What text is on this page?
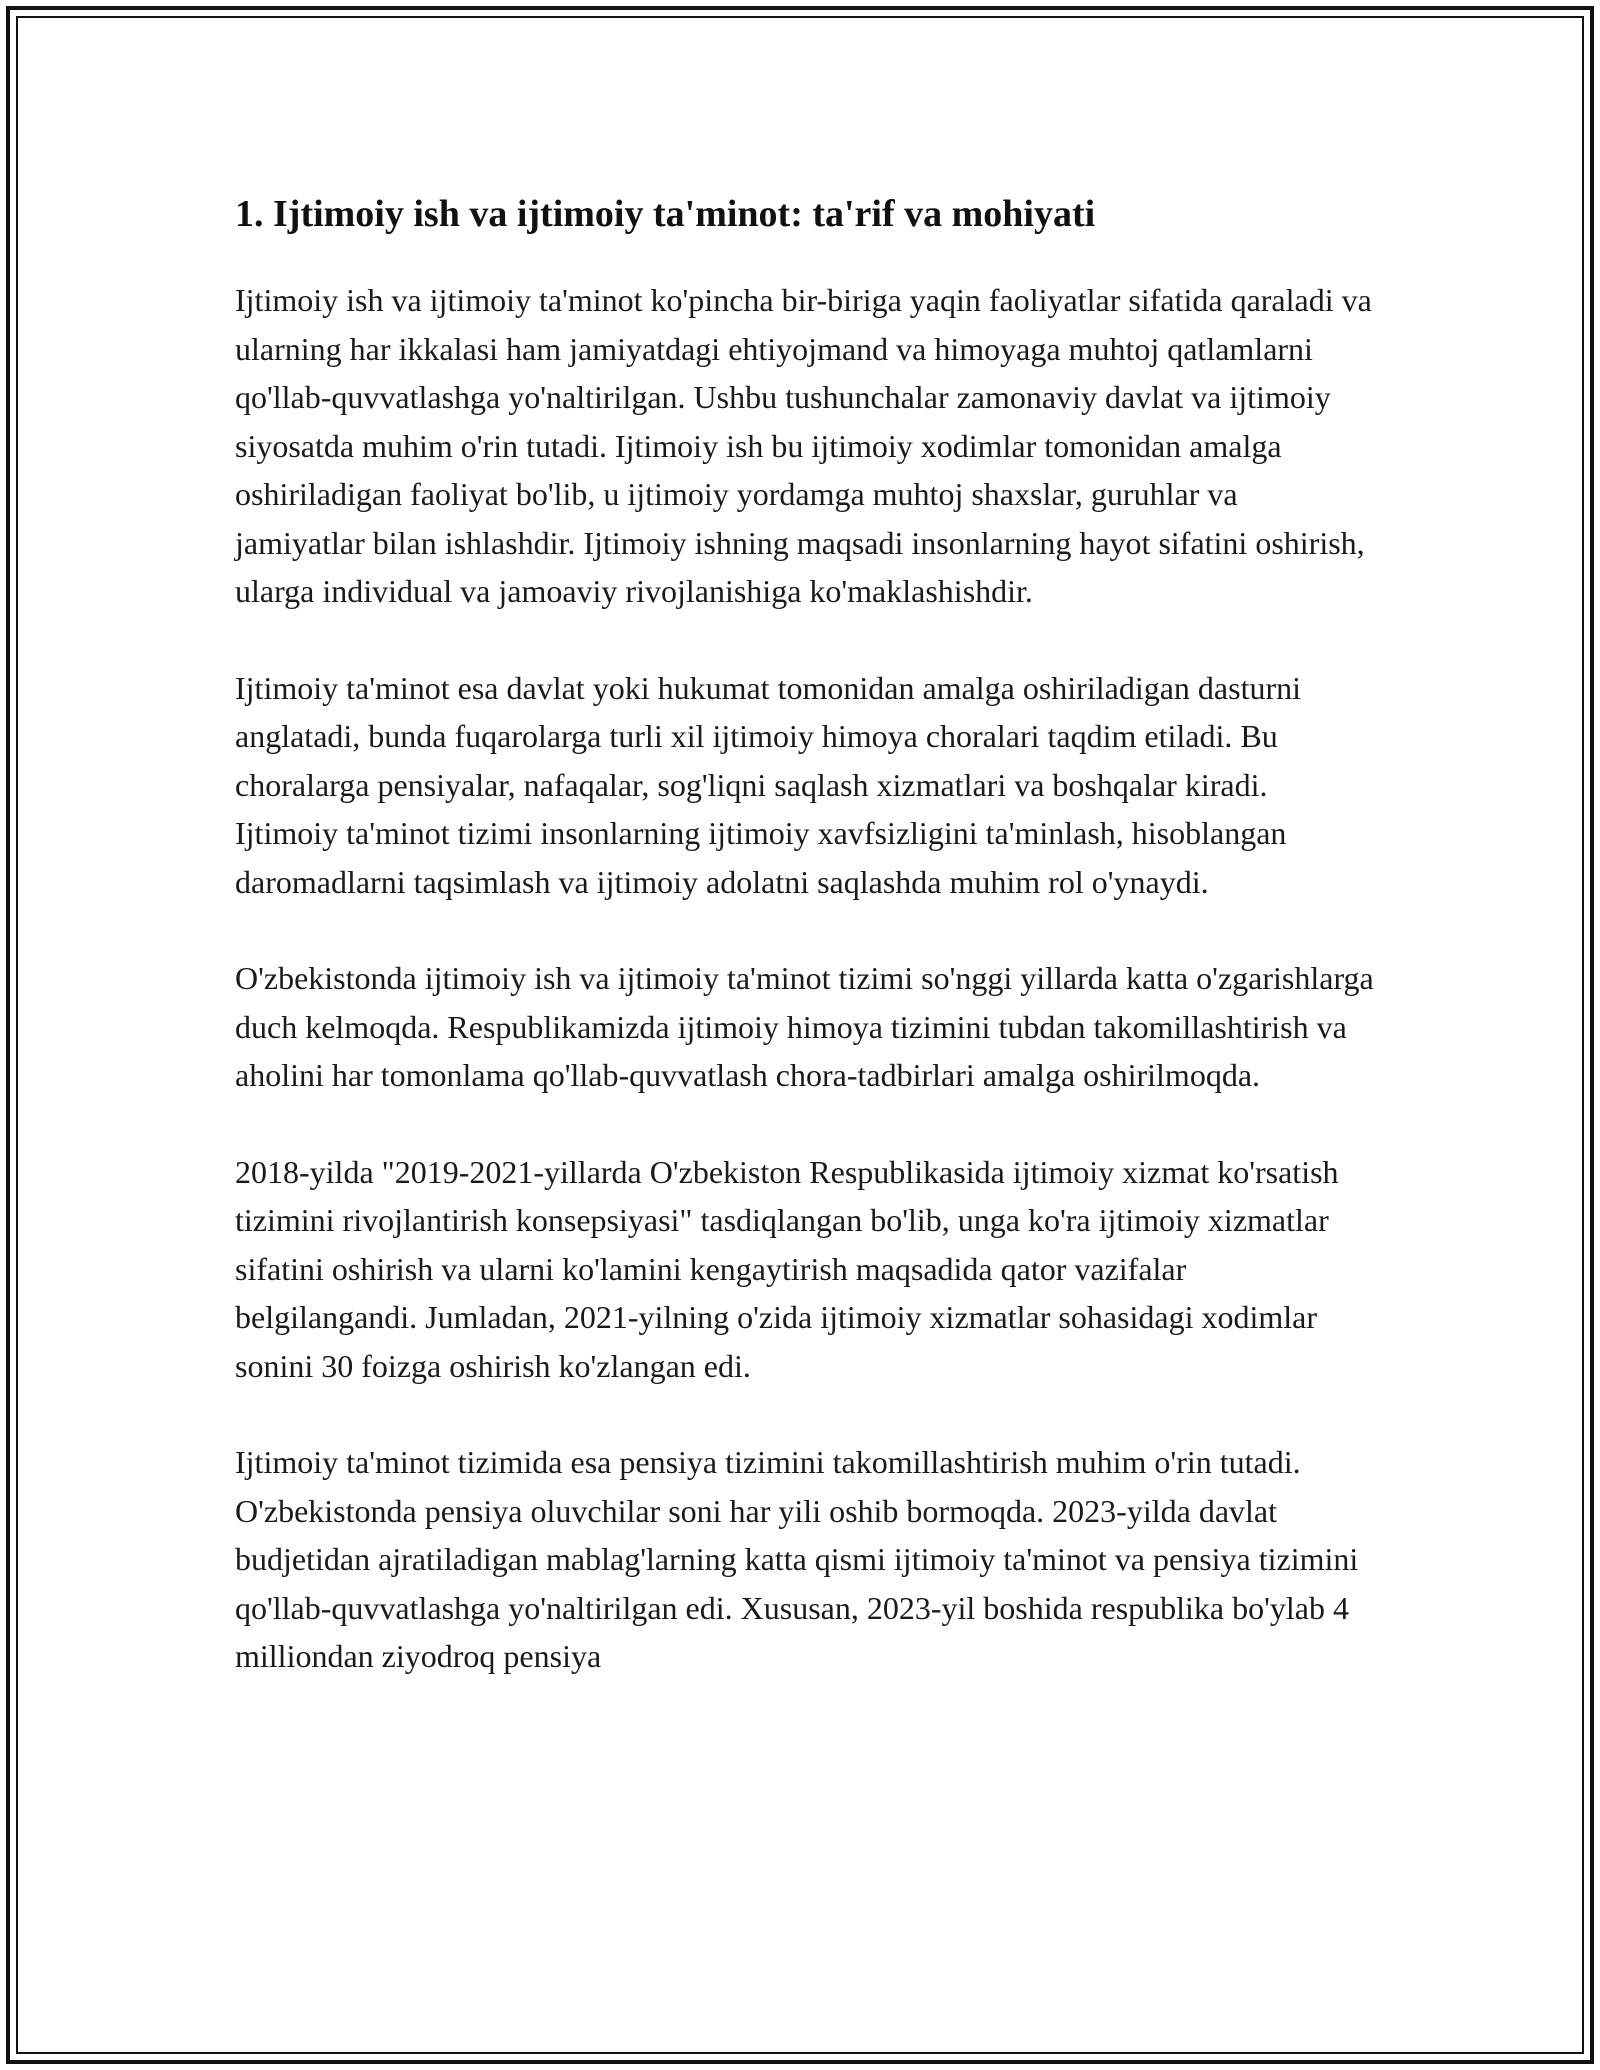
1. Ijtimoiy ish va ijtimoiy ta'minot: ta'rif va mohiyati

Ijtimoiy ish va ijtimoiy ta'minot ko'pincha bir-biriga yaqin faoliyatlar sifatida qaraladi va ularning har ikkalasi ham jamiyatdagi ehtiyojmand va himoyaga muhtoj qatlamlarni qo'llab-quvvatlashga yo'naltirilgan. Ushbu tushunchalar zamonaviy davlat va ijtimoiy siyosatda muhim o'rin tutadi. Ijtimoiy ish bu ijtimoiy xodimlar tomonidan amalga oshiriladigan faoliyat bo'lib, u ijtimoiy yordamga muhtoj shaxslar, guruhlar va jamiyatlar bilan ishlashdir. Ijtimoiy ishning maqsadi insonlarning hayot sifatini oshirish, ularga individual va jamoaviy rivojlanishiga ko'maklashishdir.

Ijtimoiy ta'minot esa davlat yoki hukumat tomonidan amalga oshiriladigan dasturni anglatadi, bunda fuqarolarga turli xil ijtimoiy himoya choralari taqdim etiladi. Bu choralarga pensiyalar, nafaqalar, sog'liqni saqlash xizmatlari va boshqalar kiradi. Ijtimoiy ta'minot tizimi insonlarning ijtimoiy xavfsizligini ta'minlash, hisoblangan daromadlarni taqsimlash va ijtimoiy adolatni saqlashda muhim rol o'ynaydi.

O'zbekistonda ijtimoiy ish va ijtimoiy ta'minot tizimi so'nggi yillarda katta o'zgarishlarga duch kelmoqda. Respublikamizda ijtimoiy himoya tizimini tubdan takomillashtirish va aholini har tomonlama qo'llab-quvvatlash chora-tadbirlari amalga oshirilmoqda.

2018-yilda "2019-2021-yillarda O'zbekiston Respublikasida ijtimoiy xizmat ko'rsatish tizimini rivojlantirish konsepsiyasi" tasdiqlangan bo'lib, unga ko'ra ijtimoiy xizmatlar sifatini oshirish va ularni ko'lamini kengaytirish maqsadida qator vazifalar belgilangandi. Jumladan, 2021-yilning o'zida ijtimoiy xizmatlar sohasidagi xodimlar sonini 30 foizga oshirish ko'zlangan edi.

Ijtimoiy ta'minot tizimida esa pensiya tizimini takomillashtirish muhim o'rin tutadi. O'zbekistonda pensiya oluvchilar soni har yili oshib bormoqda. 2023-yilda davlat budjetidan ajratiladigan mablag'larning katta qismi ijtimoiy ta'minot va pensiya tizimini qo'llab-quvvatlashga yo'naltirilgan edi. Xususan, 2023-yil boshida respublika bo'ylab 4 milliondan ziyodroq pensiya
